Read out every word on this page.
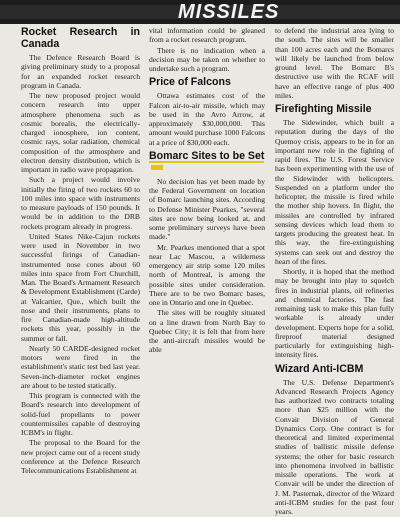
MISSILES
Rocket Research in Canada

The Defence Research Board is giving preliminary study to a proposal for an expanded rocket research program in Canada.

The new proposed project would concern research into upper atmosphere phenomena such as cosmic borealis, the electrically-charged ionosphere, ion content, cosmic rays, solar radiation, chemical composition of the atmosphere and electron density distribution, which is important in radio wave propagation.

Such a project would involve initially the firing of two rockets 60 to 100 miles into space with instruments to measure payloads of 150 pounds. It would be in addition to the DRB rockets program already in progress.

United States Nike-Cajun rockets were used in November in two successful firings of Canadian-instrumented nose cones about 60 miles into space from Fort Churchill, Man. The Board's Armament Research & Development Establishment (Carde) at Valcartier, Que., which built the nose and their instruments, plans to fire Canadian-made high-altitude rockets this year, possibly in the summer or fall.

Nearly 50 CARDE-designed rocket motors were fired in the establishment's static test bed last year. Seven-inch-diameter rocket engines are about to be tested statically.

This program is connected with the Board's research into development of solid-fuel propellants to power countermissiles capable of destroying ICBM's in flight.

The proposal to the Board for the new project came out of a recent study conference at the Defence Research Telecommunications Establishment at

vital information could be gleaned from a rocket research program.

There is no indication when a decision may be taken on whether to undertake such a program.

Price of Falcons

Ottawa estimates cost of the Falcon air-to-air missile, which may be used in the Avro Arrow, at approximately $30,000,000. This amount would purchase 1000 Falcons at a price of $30,000 each.

Bomarc Sites to be Set

No decision has yet been made by the Federal Government on location of Bomarc launching sites. According to Defense Minister Pearkes, "several sites are now being looked at, and some preliminary surveys have been made."

Mr. Pearkes mentioned that a spot near Lac Mascou, a wilderness emergency air strip some 120 miles north of Montreal, is among the possible sites under consideration. There are to be two Bomarc bases, one in Ontario and one in Quebec.

The sites will be roughly situated on a line drawn from North Bay to Quebec City; it is felt that from here the anti-aircraft missiles would be able

to defend the industrial area lying to the south. The sites will be smaller than 100 acres each and the Bomarcs will likely be launched from below ground level. The Bomarc B's destructive use with the RCAF will have an effective range of plus 400 miles.

Firefighting Missile

The Sidewinder, which built a reputation during the days of the Quemoy crisis, appears to be in for an important new role in the fighting of rapid fires. The U.S. Forest Service has been experimenting with the use of the Sidewinder with helicopters. Suspended on a platform under the helicopter, the missile is fired while the mother ship hovers. In flight, the missiles are controlled by infrared sensing devices which lead them to targets producing the greatest heat. In this way, the fire-extinguishing systems can seek out and destroy the heart of the fires.

Shortly, it is hoped that the method may be brought into play to squelch fires in industrial plants, oil refineries and chemical factories. The fast remaining task to make this plan fully workable is already under development. Experts hope for a solid, fireproof material designed particularly for extinguishing high-intensity fires.

Wizard Anti-ICBM

The U.S. Defense Department's Advanced Research Projects Agency has authorized two contracts totaling more than $25 million with the Convair Division of General Dynamics Corp. One contract is for theoretical and limited experimental studies of ballistic missile defense systems; the other for basic research into phenomena involved in ballistic missile operations. The work at Convair will be under the direction of J. M. Pasternak, director of the Wizard anti-ICBM studies for the past four years.
